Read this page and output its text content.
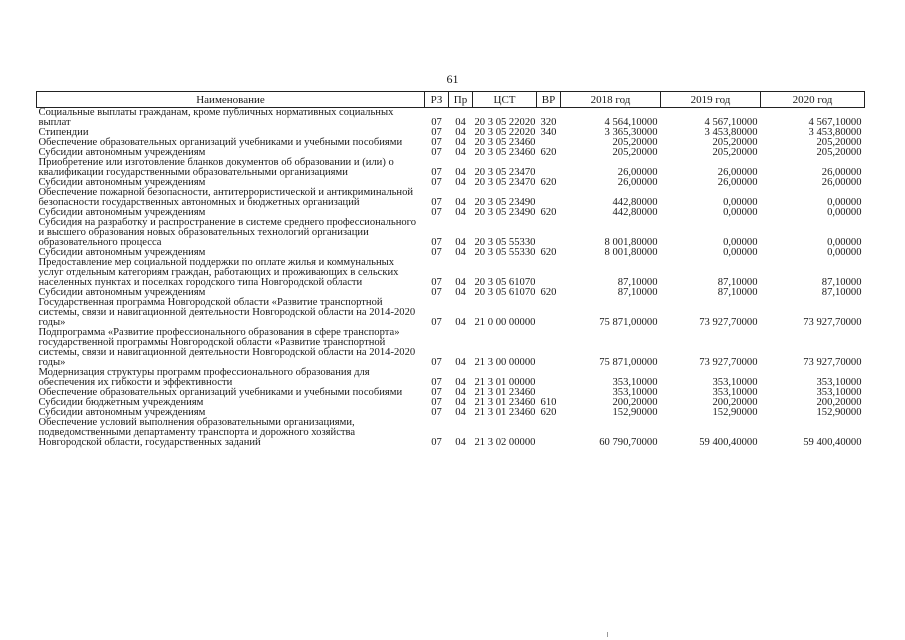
61
Наименование	РЗ	Пр	ЦСТ	ВР	2018 год	2019 год	2020 год
Социальные выплаты гражданам, кроме публичных нормативных социальных выплат	07	04	20 3 05 22020	320	4 564,10000	4 567,10000	4 567,10000
Стипендии	07	04	20 3 05 22020	340	3 365,30000	3 453,80000	3 453,80000
Обеспечение образовательных организаций учебниками и учебными пособиями	07	04	20 3 05 23460		205,20000	205,20000	205,20000
Субсидии автономным учреждениям	07	04	20 3 05 23460	620	205,20000	205,20000	205,20000
Приобретение или изготовление бланков документов об образовании и (или) о квалификации государственными образовательными организациями	07	04	20 3 05 23470		26,00000	26,00000	26,00000
Субсидии автономным учреждениям	07	04	20 3 05 23470	620	26,00000	26,00000	26,00000
Обеспечение пожарной безопасности, антитеррористической и антикриминальной безопасности государственных автономных и бюджетных организаций	07	04	20 3 05 23490		442,80000	0,00000	0,00000
Субсидии автономным учреждениям	07	04	20 3 05 23490	620	442,80000	0,00000	0,00000
Субсидия на разработку и распространение в системе среднего профессионального и высшего образования новых образовательных технологий организации образовательного процесса	07	04	20 3 05 55330		8 001,80000	0,00000	0,00000
Субсидии автономным учреждениям	07	04	20 3 05 55330	620	8 001,80000	0,00000	0,00000
Предоставление мер социальной поддержки по оплате жилья и коммунальных услуг отдельным категориям граждан, работающих и проживающих в сельских населенных пунктах и поселках городского типа Новгородской области	07	04	20 3 05 61070		87,10000	87,10000	87,10000
Субсидии автономным учреждениям	07	04	20 3 05 61070	620	87,10000	87,10000	87,10000
Государственная программа Новгородской области «Развитие транспортной системы, связи и навигационной деятельности Новгородской области на 2014-2020 годы»	07	04	21 0 00 00000		75 871,00000	73 927,70000	73 927,70000
Подпрограмма «Развитие профессионального образования в сфере транспорта» государственной программы Новгородской области «Развитие транспортной системы, связи и навигационной деятельности Новгородской области на 2014-2020 годы»	07	04	21 3 00 00000		75 871,00000	73 927,70000	73 927,70000
Модернизация структуры программ профессионального образования для обеспечения их гибкости и эффективности	07	04	21 3 01 00000		353,10000	353,10000	353,10000
Обеспечение образовательных организаций учебниками и учебными пособиями	07	04	21 3 01 23460		353,10000	353,10000	353,10000
Субсидии бюджетным учреждениям	07	04	21 3 01 23460	610	200,20000	200,20000	200,20000
Субсидии автономным учреждениям	07	04	21 3 01 23460	620	152,90000	152,90000	152,90000
Обеспечение условий выполнения образовательными организациями, подведомственными департаменту транспорта и дорожного хозяйства Новгородской области, государственных заданий	07	04	21 3 02 00000		60 790,70000	59 400,40000	59 400,40000
